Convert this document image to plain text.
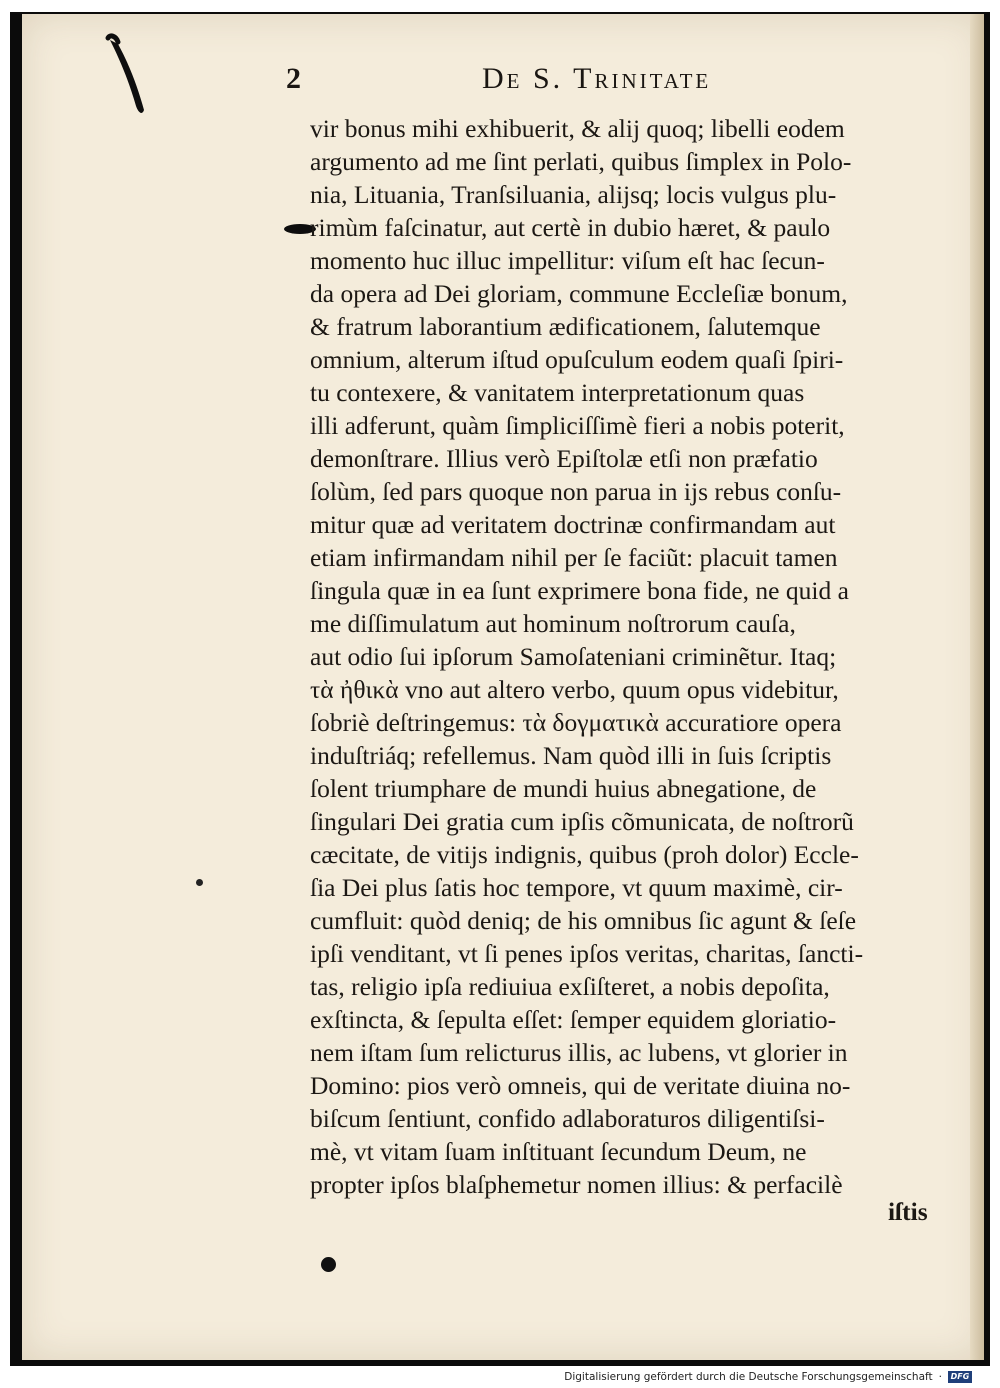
2	De S. Trinitate
vir bonus mihi exhibuerit, & alij quoq; libelli eodem
argumento ad me ſint perlati, quibus ſimplex in Polo-
nia, Lituania, Tranſsiluania, alijsq; locis vulgus plu-
rimùm faſcinatur, aut certè in dubio hæret, & paulo
momento huc illuc impellitur: viſum eſt hac ſecun-
da opera ad Dei gloriam, commune Eccleſiæ bonum,
& fratrum laborantium ædificationem, ſalutemque
omnium, alterum iſtud opuſculum eodem quaſi ſpiri-
tu contexere, & vanitatem interpretationum quas
illi adferunt, quàm ſimpliciſſimè fieri a nobis poterit,
demonſtrare. Illius verò Epiſtolæ etſi non præfatio
ſolùm, ſed pars quoque non parua in ijs rebus conſu-
mitur quæ ad veritatem doctrinæ confirmandam aut
etiam infirmandam nihil per ſe faciũt: placuit tamen
ſingula quæ in ea ſunt exprimere bona fide, ne quid a
me diſſimulatum aut hominum noſtrorum cauſa,
aut odio ſui ipſorum Samoſateniani criminẽtur. Itaq;
τὰ ἠθικὰ vno aut altero verbo, quum opus videbitur,
ſobriè deſtringemus: τὰ δογματικὰ accuratiore opera
induſtriáq; refellemus. Nam quòd illi in ſuis ſcriptis
ſolent triumphare de mundi huius abnegatione, de
ſingulari Dei gratia cum ipſis cõmunicata, de noſtrorũ
cæcitate, de vitijs indignis, quibus (proh dolor) Eccle-
ſia Dei plus ſatis hoc tempore, vt quum maximè, cir-
cumfluit: quòd deniq; de his omnibus ſic agunt & ſeſe
ipſi venditant, vt ſi penes ipſos veritas, charitas, ſancti-
tas, religio ipſa rediuiua exſiſteret, a nobis depoſita,
exſtincta, & ſepulta eſſet: ſemper equidem gloriatio-
nem iſtam ſum relicturus illis, ac lubens, vt glorier in
Domino: pios verò omneis, qui de veritate diuina no-
biſcum ſentiunt, confido adlaboraturos diligentiſsi-
mè, vt vitam ſuam inſtituant ſecundum Deum, ne
propter ipſos blaſphemetur nomen illius: & perfacilè
iſtis
Digitalisierung gefördert durch die Deutsche Forschungsgemeinschaft ·	DFG
